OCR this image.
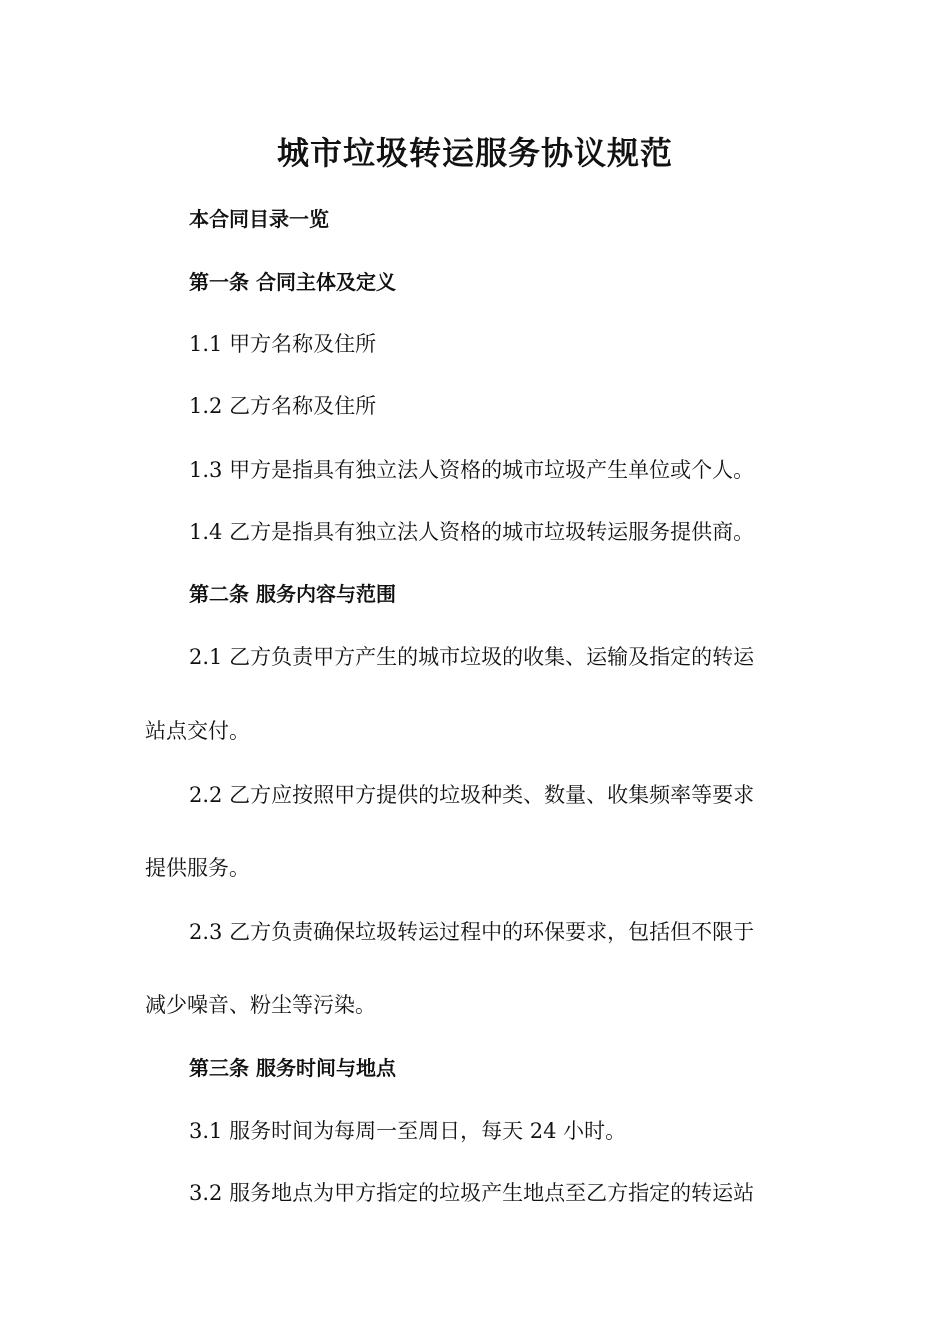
城市垃圾转运服务协议规范
本合同目录一览
第一条 合同主体及定义
1.1 甲方名称及住所
1.2 乙方名称及住所
1.3 甲方是指具有独立法人资格的城市垃圾产生单位或个人。
1.4 乙方是指具有独立法人资格的城市垃圾转运服务提供商。
第二条 服务内容与范围
2.1 乙方负责甲方产生的城市垃圾的收集、运输及指定的转运
站点交付。
2.2 乙方应按照甲方提供的垃圾种类、数量、收集频率等要求
提供服务。
2.3 乙方负责确保垃圾转运过程中的环保要求，包括但不限于
减少噪音、粉尘等污染。
第三条 服务时间与地点
3.1 服务时间为每周一至周日，每天 24 小时。
3.2 服务地点为甲方指定的垃圾产生地点至乙方指定的转运站
